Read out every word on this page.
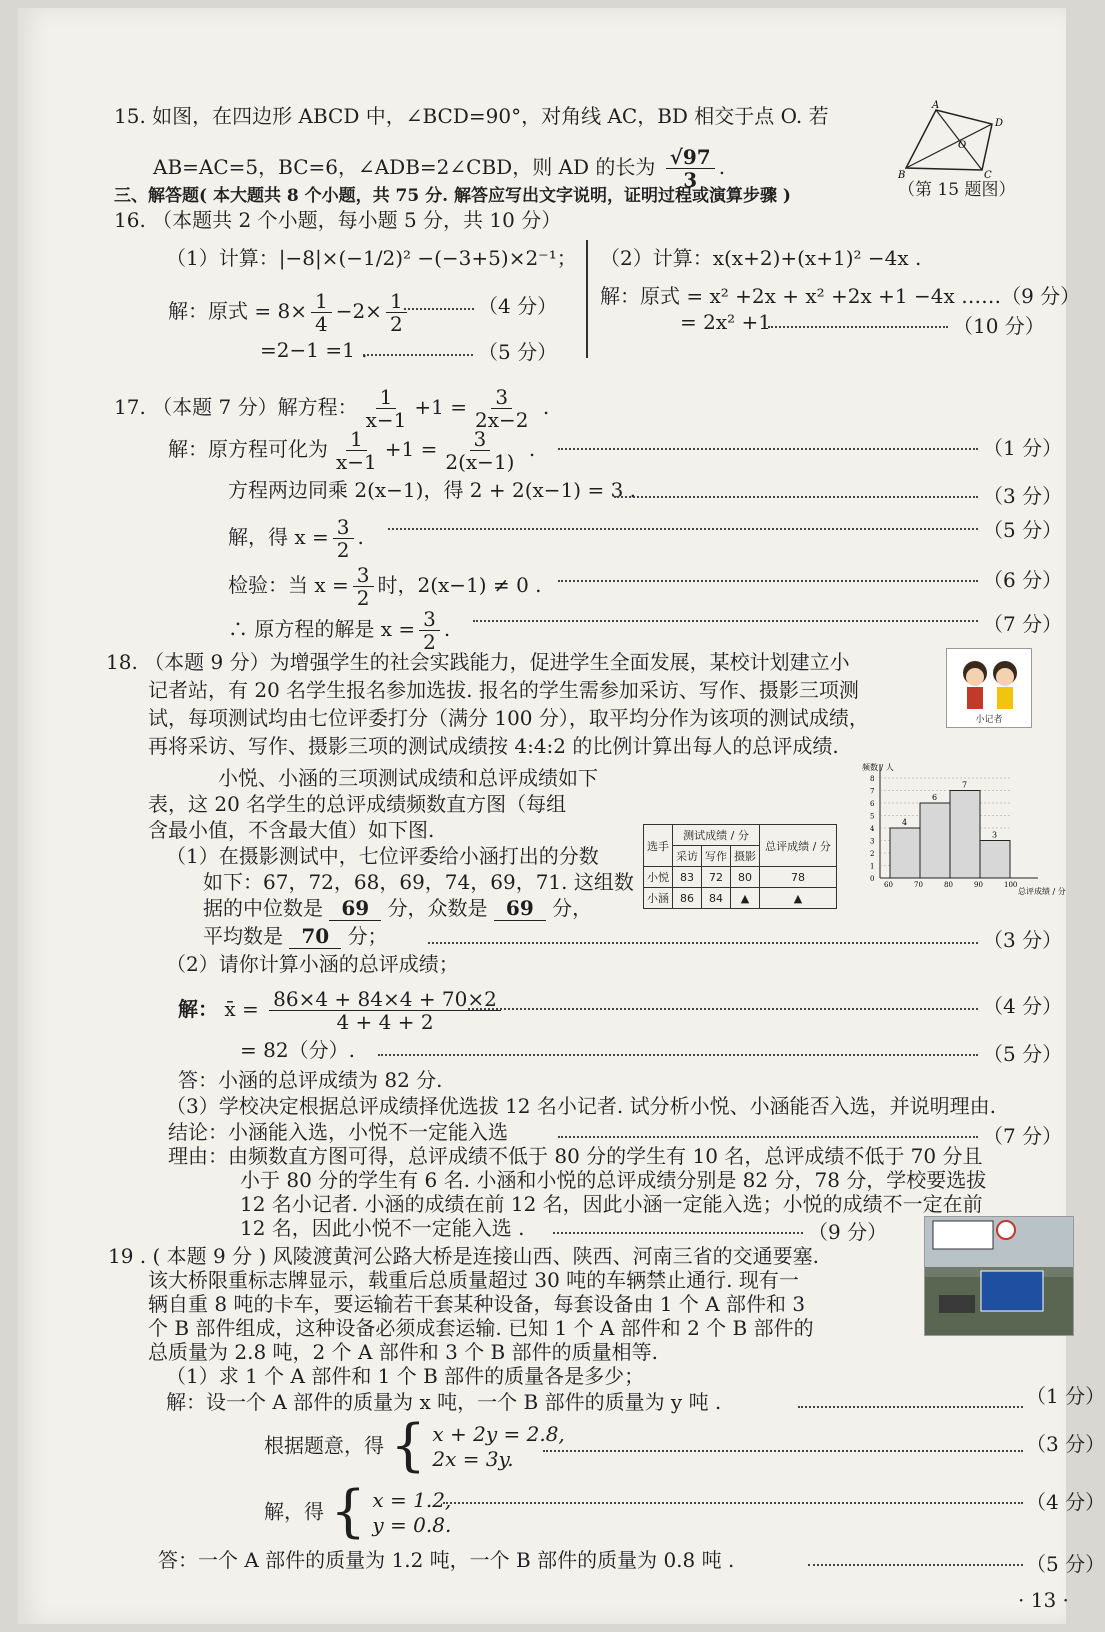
15. 如图，在四边形 ABCD 中，∠BCD=90°，对角线 AC，BD 相交于点 O. 若
AB=AC=5，BC=6，∠ADB=2∠CBD，则 AD 的长为 $\frac{√97}{3}$ .
A
D
O
B	C
（第 15 题图）
三、解答题( 本大题共 8 个小题，共 75 分. 解答应写出文字说明，证明过程或演算步骤 )
16. （本题共 2 个小题，每小题 5 分，共 10 分）
（1）计算：|−8|×(−1/2)² −(−3+5)×2⁻¹；
解：原式 = $8\times \frac{1}{4} -2\times \frac{1}{2}$	（4 分）
=2−1 =1 .	（5 分）
（2）计算：x(x+2)+(x+1)² −4x .
解：原式 = x² +2x + x² +2x +1 −4x ……（9 分）
= 2x² +1	（10 分）
17. （本题 7 分）解方程： $\frac{1}{x-1} +1 = \frac{3}{2x-2}$ .
解：原方程可化为 $\frac{1}{x-1} +1 = \frac{3}{2(x-1)}$ .	（1 分）
方程两边同乘 2(x−1)，得 2 + 2(x−1) = 3 .	（3 分）
解，得 $x = \frac{3}{2}$ .	（5 分）
检验：当 $x = \frac{3}{2}$ 时，2(x−1) ≠ 0 .	（6 分）
∴ 原方程的解是 $x = \frac{3}{2}$ .	（7 分）
18. （本题 9 分）为增强学生的社会实践能力，促进学生全面发展，某校计划建立小
记者站，有 20 名学生报名参加选拔. 报名的学生需参加采访、写作、摄影三项测
试，每项测试均由七位评委打分（满分 100 分），取平均分作为该项的测试成绩，
再将采访、写作、摄影三项的测试成绩按 4:4:2 的比例计算出每人的总评成绩.
小记者
小悦、小涵的三项测试成绩和总评成绩如下
表，这 20 名学生的总评成绩频数直方图（每组
含最小值，不含最大值）如下图.
（1）在摄影测试中，七位评委给小涵打出的分数
如下：67，72，68，69，74，69，71. 这组数
据的中位数是 69 分，众数是 69 分，
平均数是 70 分；	（3 分）
选手	测试成绩 / 分			总评成绩 / 分
	采访	写作	摄影	
小悦	83	72	80	78
小涵	86	84	▲	▲
频数 / 人
总评成绩 / 分
0
1
2
3
4
5
6
7
8
60	70	80	90	100
4
6
7
3
（2）请你计算小涵的总评成绩；
解： x̄ = $\frac{86\times 4 + 84\times 4 + 70\times 2}{4 + 4 + 2}$	（4 分）
= 82（分）.	（5 分）
答：小涵的总评成绩为 82 分.
（3）学校决定根据总评成绩择优选拔 12 名小记者. 试分析小悦、小涵能否入选，并说明理由.
结论：小涵能入选，小悦不一定能入选	（7 分）
理由：由频数直方图可得，总评成绩不低于 80 分的学生有 10 名，总评成绩不低于 70 分且
小于 80 分的学生有 6 名. 小涵和小悦的总评成绩分别是 82 分，78 分，学校要选拔
12 名小记者. 小涵的成绩在前 12 名，因此小涵一定能入选；小悦的成绩不一定在前
12 名，因此小悦不一定能入选 .	（9 分）
19 . ( 本题 9 分 ) 风陵渡黄河公路大桥是连接山西、陕西、河南三省的交通要塞.
该大桥限重标志牌显示，载重后总质量超过 30 吨的车辆禁止通行. 现有一
辆自重 8 吨的卡车，要运输若干套某种设备，每套设备由 1 个 A 部件和 3
个 B 部件组成，这种设备必须成套运输. 已知 1 个 A 部件和 2 个 B 部件的
总质量为 2.8 吨，2 个 A 部件和 3 个 B 部件的质量相等.
（1）求 1 个 A 部件和 1 个 B 部件的质量各是多少；
解：设一个 A 部件的质量为 x 吨，一个 B 部件的质量为 y 吨 .	（1 分）
根据题意，得 { x + 2y = 2.8,
2x = 3y.
（3 分）
解，得 { x = 1.2,
y = 0.8.
（4 分）
答：一个 A 部件的质量为 1.2 吨，一个 B 部件的质量为 0.8 吨 .	（5 分）
· 13 ·
